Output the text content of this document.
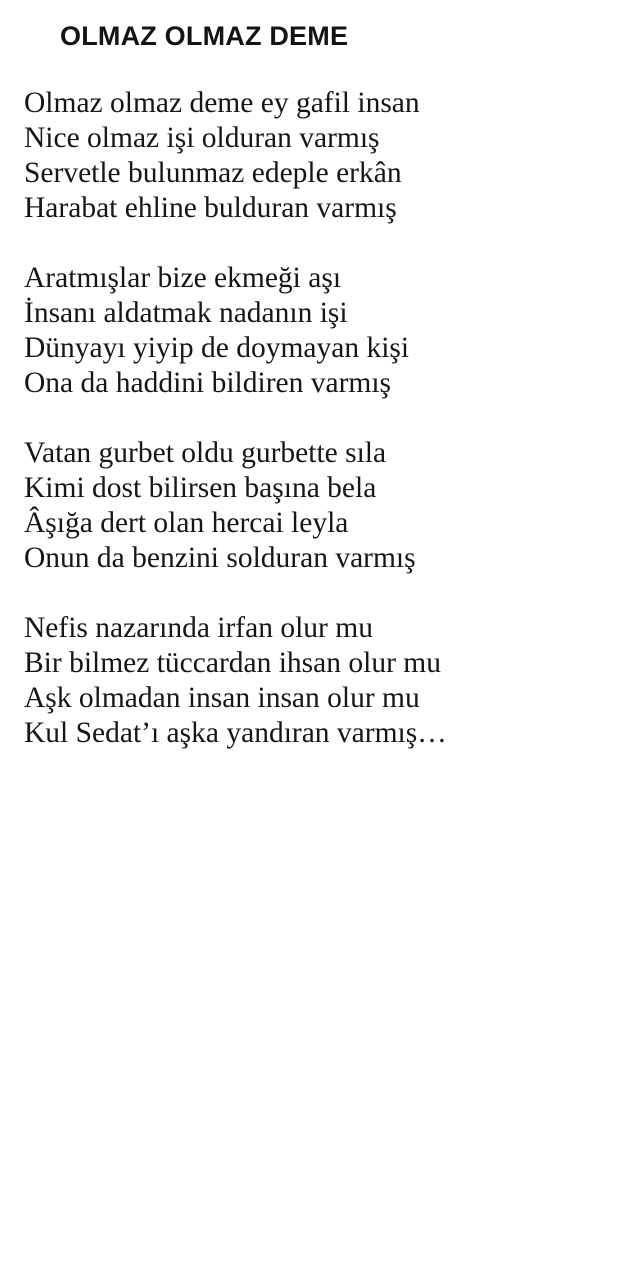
OLMAZ OLMAZ DEME
Olmaz olmaz deme ey gafil insan
Nice olmaz işi olduran varmış
Servetle bulunmaz edeple erkân
Harabat ehline bulduran varmış
Aratmışlar bize ekmeği aşı
İnsanı aldatmak nadanın işi
Dünyayı yiyip de doymayan kişi
Ona da haddini bildiren varmış
Vatan gurbet oldu gurbette sıla
Kimi dost bilirsen başına bela
Âşığa dert olan hercai leyla
Onun da benzini solduran varmış
Nefis nazarında irfan olur mu
Bir bilmez tüccardan ihsan olur mu
Aşk olmadan insan insan olur mu
Kul Sedat’ı aşka yandıran varmış…
